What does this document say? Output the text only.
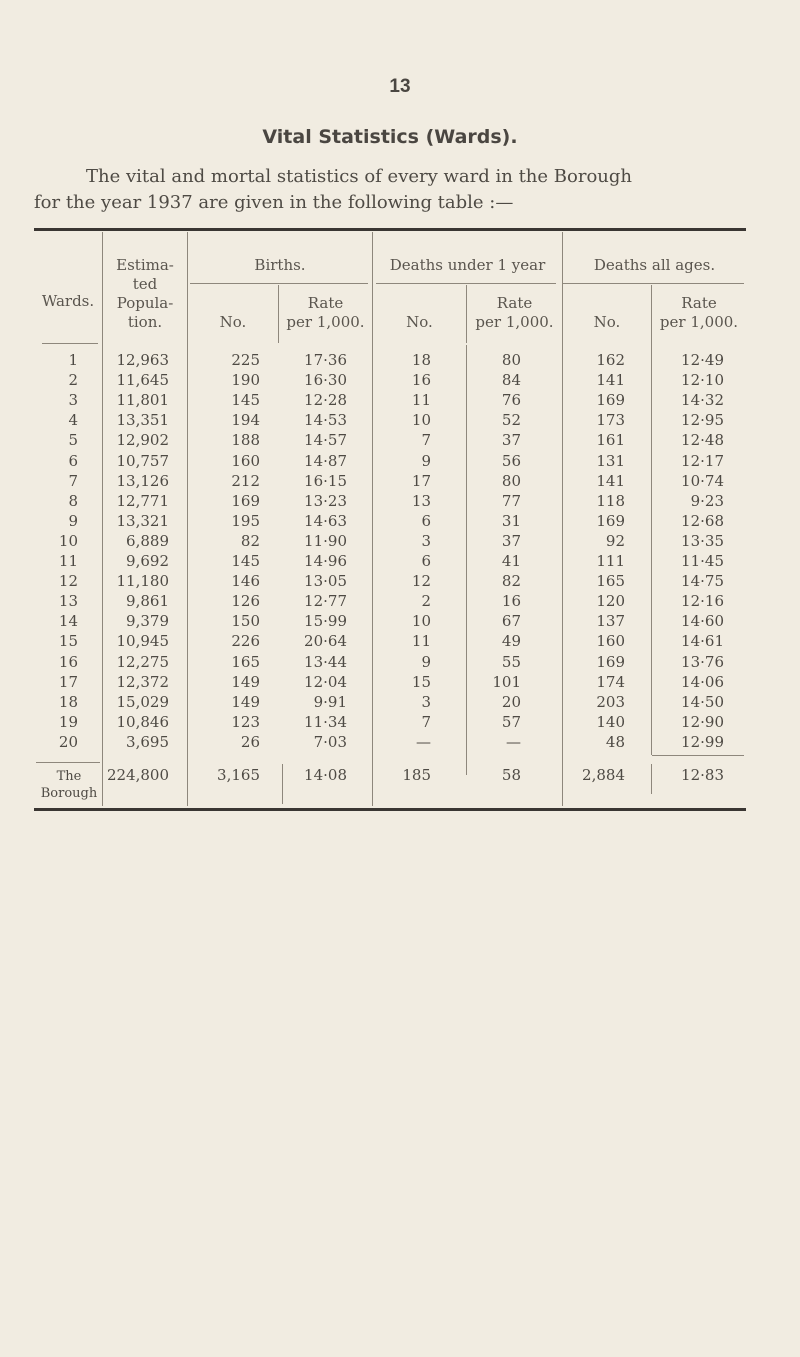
13
Vital Statistics (Wards).

The vital and mortal statistics of every ward in the Borough

for the year 1937 are given in the following table :—

Wards.
Estima-
ted
Popula-
tion.
Births.	Deaths under 1 year	Deaths all ages.
No.
Rate
per 1,000.	No.
Rate
per 1,000.	No.
Rate
per 1,000.
1	12,963	225	17·36	18	80	162	12·49
2	11,645	190	16·30	16	84	141	12·10
3	11,801	145	12·28	11	76	169	14·32
4	13,351	194	14·53	10	52	173	12·95
5	12,902	188	14·57	7	37	161	12·48
6	10,757	160	14·87	9	56	131	12·17
7	13,126	212	16·15	17	80	141	10·74
8	12,771	169	13·23	13	77	118	9·23
9	13,321	195	14·63	6	31	169	12·68
10	6,889	82	11·90	3	37	92	13·35
11	9,692	145	14·96	6	41	111	11·45
12	11,180	146	13·05	12	82	165	14·75
13	9,861	126	12·77	2	16	120	12·16
14	9,379	150	15·99	10	67	137	14·60
15	10,945	226	20·64	11	49	160	14·61
16	12,275	165	13·44	9	55	169	13·76
17	12,372	149	12·04	15	101	174	14·06
18	15,029	149	9·91	3	20	203	14·50
19	10,846	123	11·34	7	57	140	12·90
20	3,695	26	7·03	—	—	48	12·99
The
Borough
224,800	3,165	14·08	185	58	2,884	12·83
